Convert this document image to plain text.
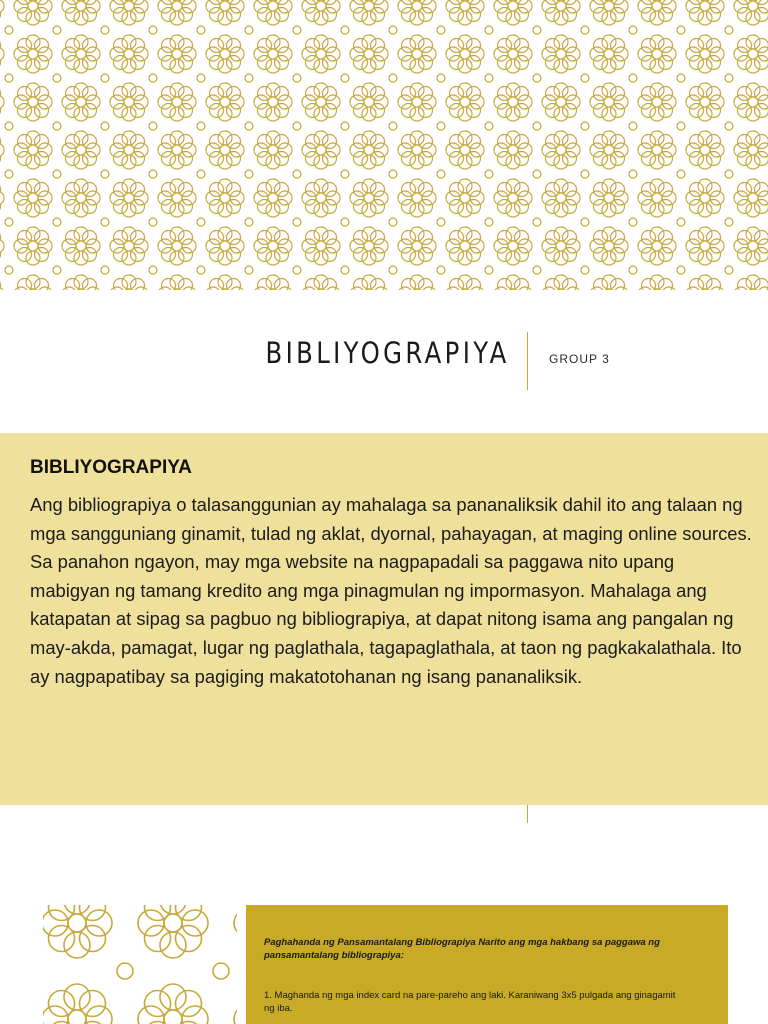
BIBLIYOGRAPIYA	GROUP 3
BIBLIYOGRAPIYA
Ang bibliograpiya o talasanggunian ay mahalaga sa pananaliksik dahil ito ang talaan ng mga sangguniang ginamit, tulad ng aklat, dyornal, pahayagan, at maging online sources. Sa panahon ngayon, may mga website na nagpapadali sa paggawa nito upang mabigyan ng tamang kredito ang mga pinagmulan ng impormasyon. Mahalaga ang katapatan at sipag sa pagbuo ng bibliograpiya, at dapat nitong isama ang pangalan ng may-akda, pamagat, lugar ng paglathala, tagapaglathala, at taon ng pagkakalathala. Ito ay nagpapatibay sa pagiging makatotohanan ng isang pananaliksik.
Paghahanda ng Pansamantalang Bibliograpiya Narito ang mga hakbang sa paggawa ng pansamantalang bibliograpiya:
1. Maghanda ng mga index card na pare-pareho ang laki. Karaniwang 3x5 pulgada ang ginagamit ng iba.
